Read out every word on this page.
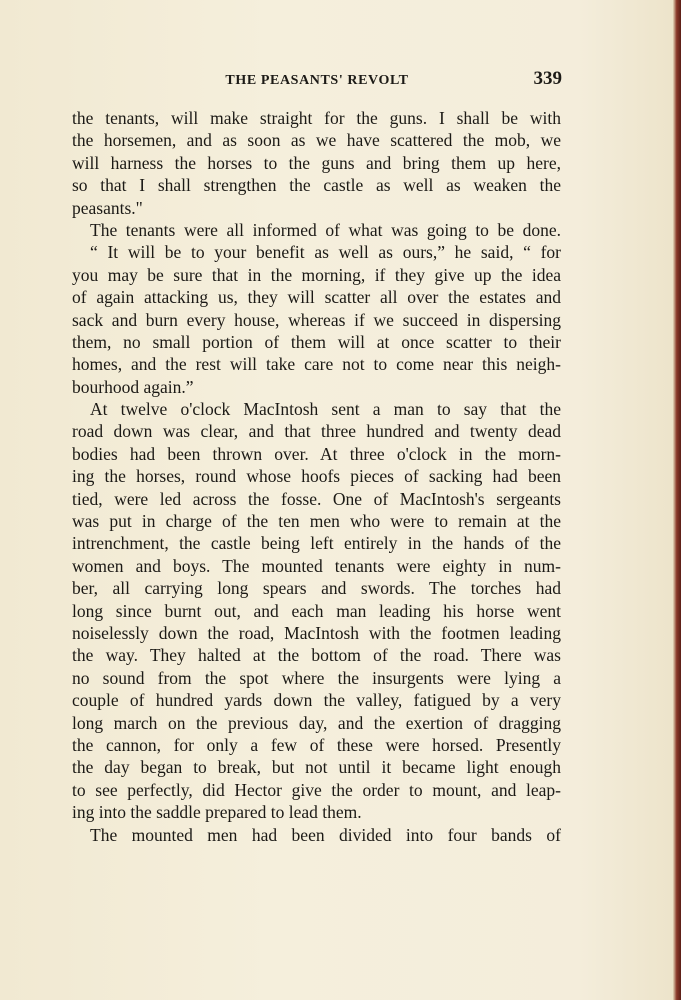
THE PEASANTS' REVOLT	339
the tenants, will make straight for the guns. I shall be with
the horsemen, and as soon as we have scattered the mob, we
will harness the horses to the guns and bring them up here,
so that I shall strengthen the castle as well as weaken the
peasants."
The tenants were all informed of what was going to be done.
“ It will be to your benefit as well as ours,” he said, “ for
you may be sure that in the morning, if they give up the idea
of again attacking us, they will scatter all over the estates and
sack and burn every house, whereas if we succeed in dispersing
them, no small portion of them will at once scatter to their
homes, and the rest will take care not to come near this neigh-
bourhood again.”
At twelve o'clock MacIntosh sent a man to say that the
road down was clear, and that three hundred and twenty dead
bodies had been thrown over. At three o'clock in the morn-
ing the horses, round whose hoofs pieces of sacking had been
tied, were led across the fosse. One of MacIntosh's sergeants
was put in charge of the ten men who were to remain at the
intrenchment, the castle being left entirely in the hands of the
women and boys. The mounted tenants were eighty in num-
ber, all carrying long spears and swords. The torches had
long since burnt out, and each man leading his horse went
noiselessly down the road, MacIntosh with the footmen leading
the way. They halted at the bottom of the road. There was
no sound from the spot where the insurgents were lying a
couple of hundred yards down the valley, fatigued by a very
long march on the previous day, and the exertion of dragging
the cannon, for only a few of these were horsed. Presently
the day began to break, but not until it became light enough
to see perfectly, did Hector give the order to mount, and leap-
ing into the saddle prepared to lead them.
The mounted men had been divided into four bands of
